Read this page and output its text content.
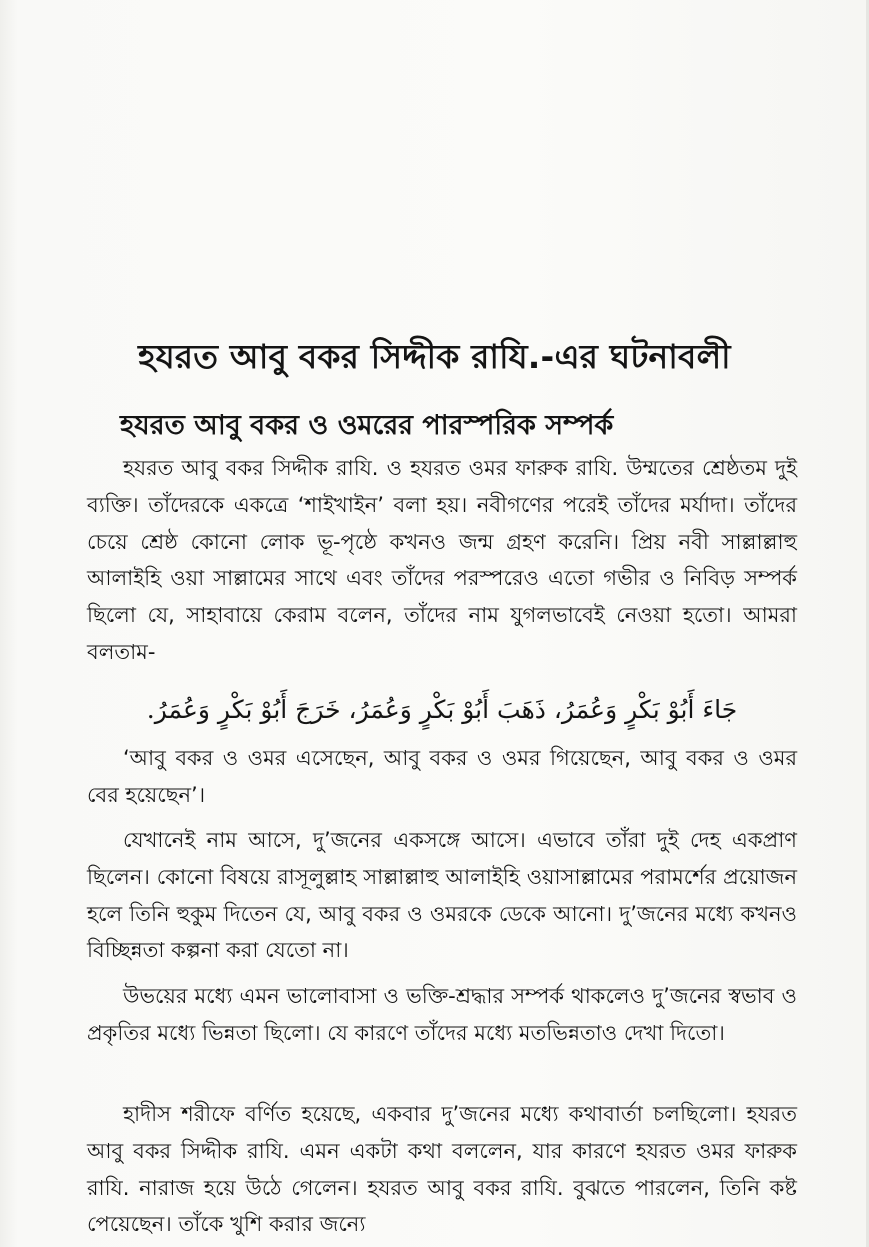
হযরত আবু বকর সিদ্দীক রাযি.-এর ঘটনাবলী
হযরত আবু বকর ও ওমরের পারস্পরিক সম্পর্ক

হযরত আবু বকর সিদ্দীক রাযি. ও হযরত ওমর ফারুক রাযি. উম্মতের শ্রেষ্ঠতম দুই ব্যক্তি। তাঁদেরকে একত্রে ‘শাইখাইন’ বলা হয়। নবীগণের পরেই তাঁদের মর্যাদা। তাঁদের চেয়ে শ্রেষ্ঠ কোনো লোক ভূ-পৃষ্ঠে কখনও জন্ম গ্রহণ করেনি। প্রিয় নবী সাল্লাল্লাহু আলাইহি ওয়া সাল্লামের সাথে এবং তাঁদের পরস্পরেও এতো গভীর ও নিবিড় সম্পর্ক ছিলো যে, সাহাবায়ে কেরাম বলেন, তাঁদের নাম যুগলভাবেই নেওয়া হতো। আমরা বলতাম-

جَاءَ أَبُوْ بَكْرٍ وَعُمَرُ، ذَهَبَ أَبُوْ بَكْرٍ وَعُمَرُ، خَرَجَ أَبُوْ بَكْرٍ وَعُمَرُ.

‘আবু বকর ও ওমর এসেছেন, আবু বকর ও ওমর গিয়েছেন, আবু বকর ও ওমর বের হয়েছেন’।

যেখানেই নাম আসে, দু’জনের একসঙ্গে আসে। এভাবে তাঁরা দুই দেহ একপ্রাণ ছিলেন। কোনো বিষয়ে রাসূলুল্লাহ সাল্লাল্লাহু আলাইহি ওয়াসাল্লামের পরামর্শের প্রয়োজন হলে তিনি হুকুম দিতেন যে, আবু বকর ও ওমরকে ডেকে আনো। দু’জনের মধ্যে কখনও বিচ্ছিন্নতা কল্পনা করা যেতো না।

উভয়ের মধ্যে এমন ভালোবাসা ও ভক্তি-শ্রদ্ধার সম্পর্ক থাকলেও দু’জনের স্বভাব ও প্রকৃতির মধ্যে ভিন্নতা ছিলো। যে কারণে তাঁদের মধ্যে মতভিন্নতাও দেখা দিতো।

হাদীস শরীফে বর্ণিত হয়েছে, একবার দু’জনের মধ্যে কথাবার্তা চলছিলো। হযরত আবু বকর সিদ্দীক রাযি. এমন একটা কথা বললেন, যার কারণে হযরত ওমর ফারুক রাযি. নারাজ হয়ে উঠে গেলেন। হযরত আবু বকর রাযি. বুঝতে পারলেন, তিনি কষ্ট পেয়েছেন। তাঁকে খুশি করার জন্যে
